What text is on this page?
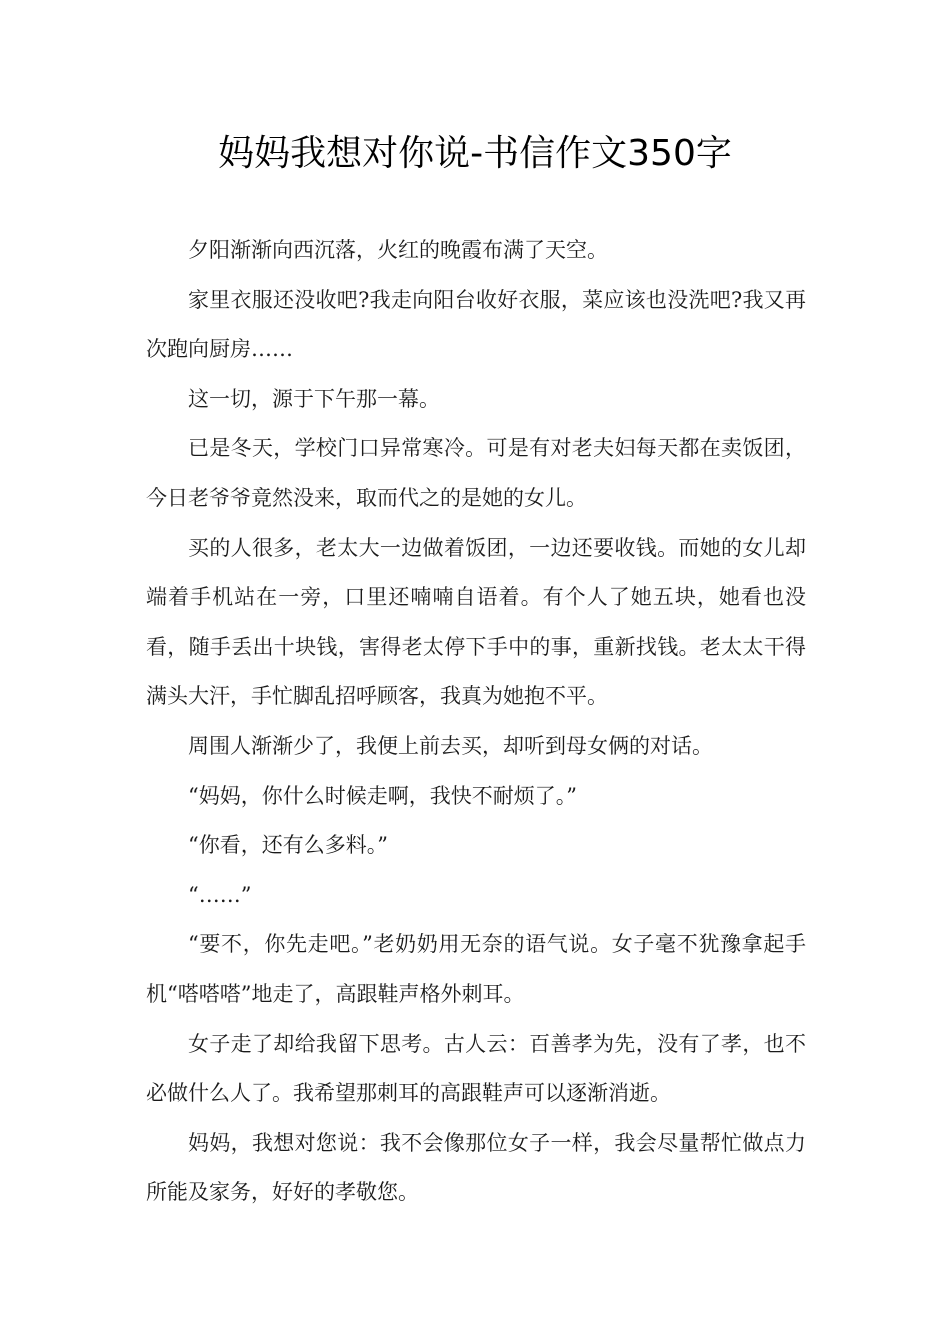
妈妈我想对你说-书信作文350字

夕阳渐渐向西沉落，火红的晚霞布满了天空。

家里衣服还没收吧?我走向阳台收好衣服，菜应该也没洗吧?我又再次跑向厨房……

这一切，源于下午那一幕。

已是冬天，学校门口异常寒冷。可是有对老夫妇每天都在卖饭团，今日老爷爷竟然没来，取而代之的是她的女儿。

买的人很多，老太大一边做着饭团，一边还要收钱。而她的女儿却端着手机站在一旁，口里还喃喃自语着。有个人了她五块，她看也没看，随手丢出十块钱，害得老太停下手中的事，重新找钱。老太太干得满头大汗，手忙脚乱招呼顾客，我真为她抱不平。

周围人渐渐少了，我便上前去买，却听到母女俩的对话。

“妈妈，你什么时候走啊，我快不耐烦了。”

“你看，还有么多料。”

“……”

“要不，你先走吧。”老奶奶用无奈的语气说。女子毫不犹豫拿起手机“嗒嗒嗒”地走了，高跟鞋声格外刺耳。

女子走了却给我留下思考。古人云：百善孝为先，没有了孝，也不必做什么人了。我希望那刺耳的高跟鞋声可以逐渐消逝。

妈妈，我想对您说：我不会像那位女子一样，我会尽量帮忙做点力所能及家务，好好的孝敬您。
